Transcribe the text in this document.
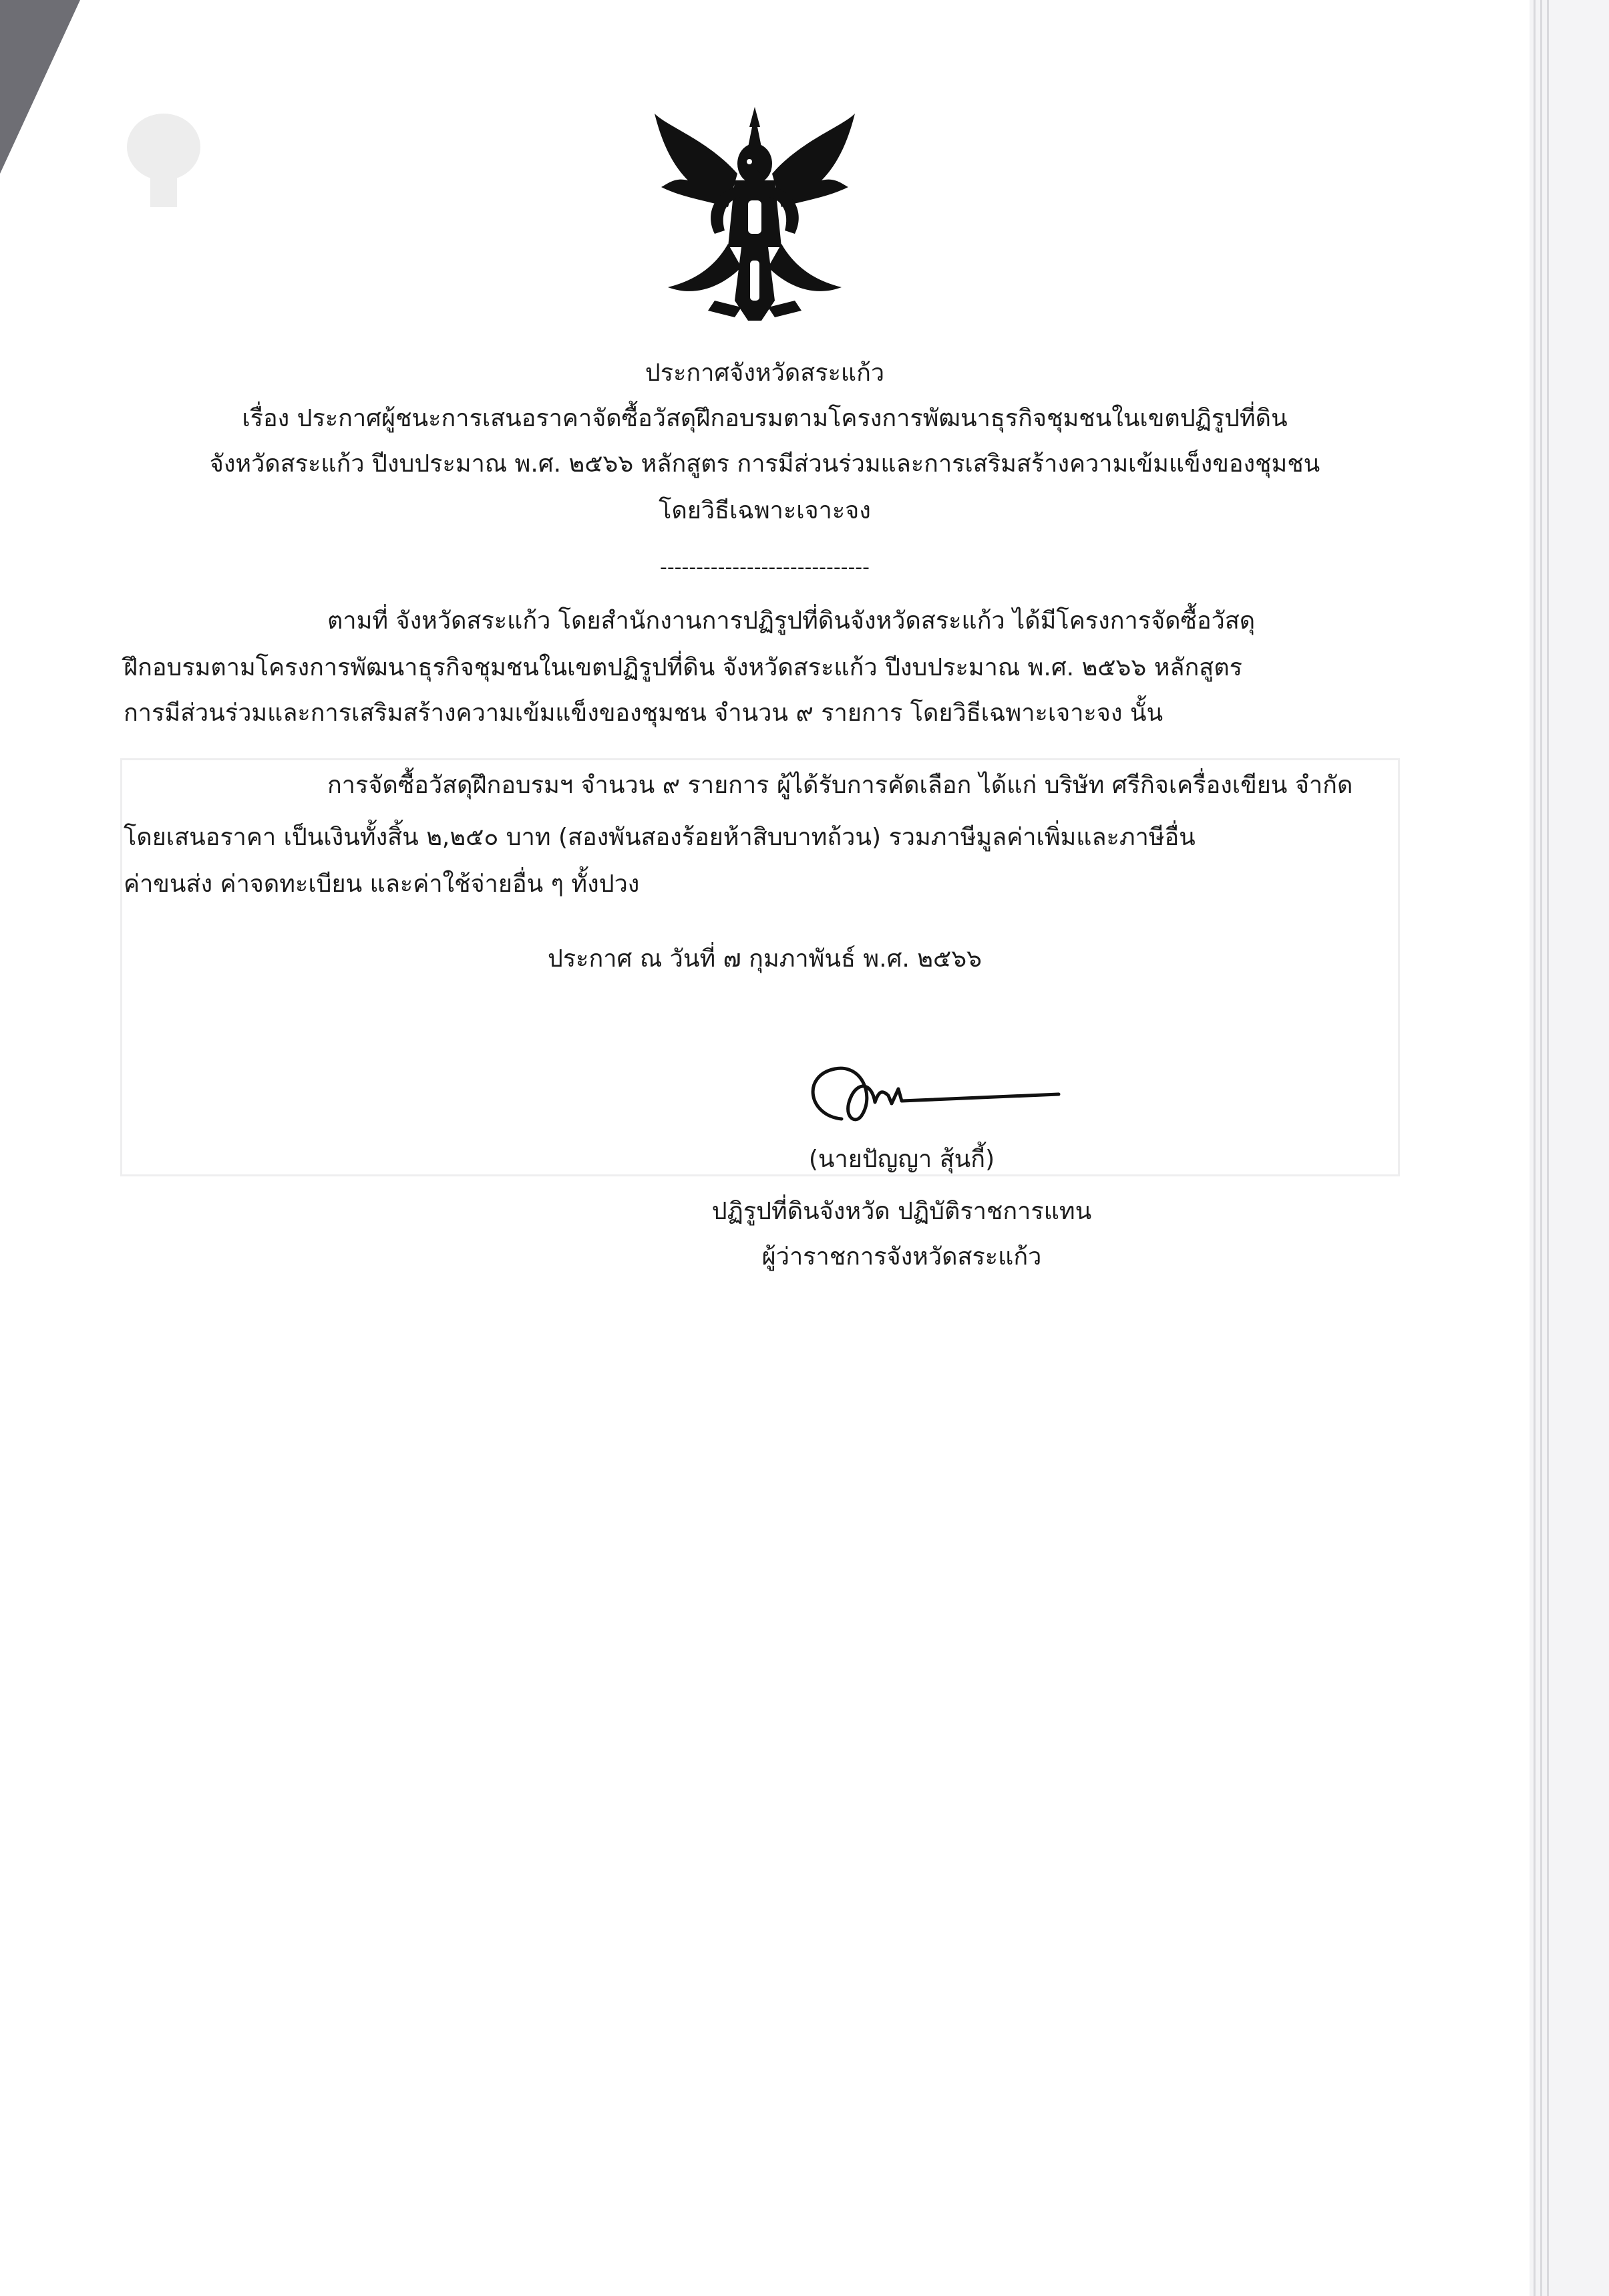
ประกาศจังหวัดสระแก้ว
เรื่อง ประกาศผู้ชนะการเสนอราคาจัดซื้อวัสดุฝึกอบรมตามโครงการพัฒนาธุรกิจชุมชนในเขตปฏิรูปที่ดิน
จังหวัดสระแก้ว ปีงบประมาณ พ.ศ. ๒๕๖๖ หลักสูตร การมีส่วนร่วมและการเสริมสร้างความเข้มแข็งของชุมชน
โดยวิธีเฉพาะเจาะจง
-----------------------------
ตามที่ จังหวัดสระแก้ว โดยสำนักงานการปฏิรูปที่ดินจังหวัดสระแก้ว ได้มีโครงการจัดซื้อวัสดุ
ฝึกอบรมตามโครงการพัฒนาธุรกิจชุมชนในเขตปฏิรูปที่ดิน จังหวัดสระแก้ว ปีงบประมาณ พ.ศ. ๒๕๖๖ หลักสูตร
การมีส่วนร่วมและการเสริมสร้างความเข้มแข็งของชุมชน จำนวน ๙ รายการ โดยวิธีเฉพาะเจาะจง นั้น
การจัดซื้อวัสดุฝึกอบรมฯ จำนวน ๙ รายการ ผู้ได้รับการคัดเลือก ได้แก่ บริษัท ศรีกิจเครื่องเขียน จำกัด
โดยเสนอราคา เป็นเงินทั้งสิ้น ๒,๒๕๐ บาท (สองพันสองร้อยห้าสิบบาทถ้วน) รวมภาษีมูลค่าเพิ่มและภาษีอื่น
ค่าขนส่ง ค่าจดทะเบียน และค่าใช้จ่ายอื่น ๆ ทั้งปวง
ประกาศ ณ วันที่ ๗ กุมภาพันธ์ พ.ศ. ๒๕๖๖
(นายปัญญา สุ้นกี้)
ปฏิรูปที่ดินจังหวัด ปฏิบัติราชการแทน
ผู้ว่าราชการจังหวัดสระแก้ว
